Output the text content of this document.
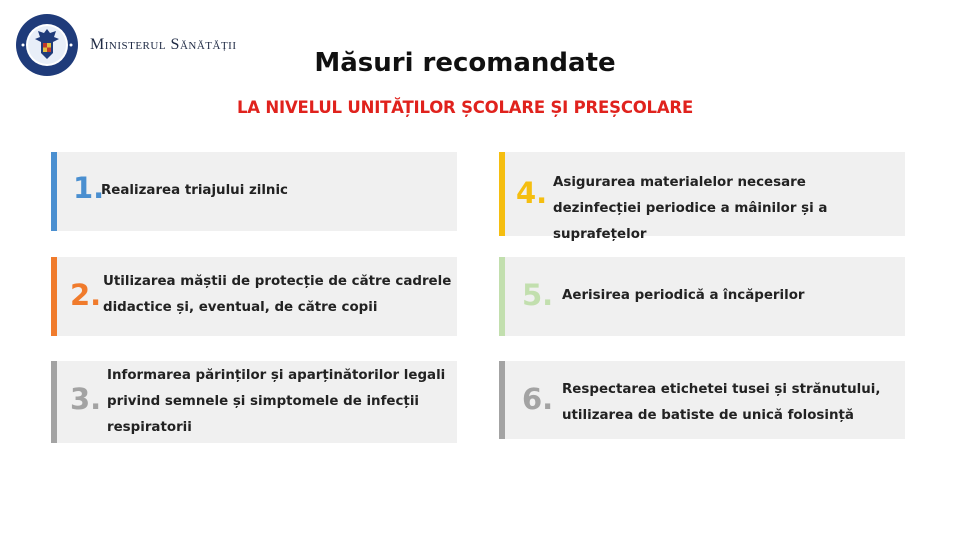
Ministerul Sănătății
Măsuri recomandate
LA NIVELUL UNITĂȚILOR ȘCOLARE ȘI PREȘCOLARE
1.
Realizarea triajului zilnic
2. Utilizarea măștii de protecție de către cadrele didactice și, eventual, de către copii
3.
Informarea părinților și aparținătorilor legali privind semnele și simptomele de infecții respiratorii
4. Asigurarea materialelor necesare dezinfecției periodice a mâinilor și a suprafețelor
5. Aerisirea periodică a încăperilor
6. Respectarea etichetei tusei și strănutului, utilizarea de batiste de unică folosință
